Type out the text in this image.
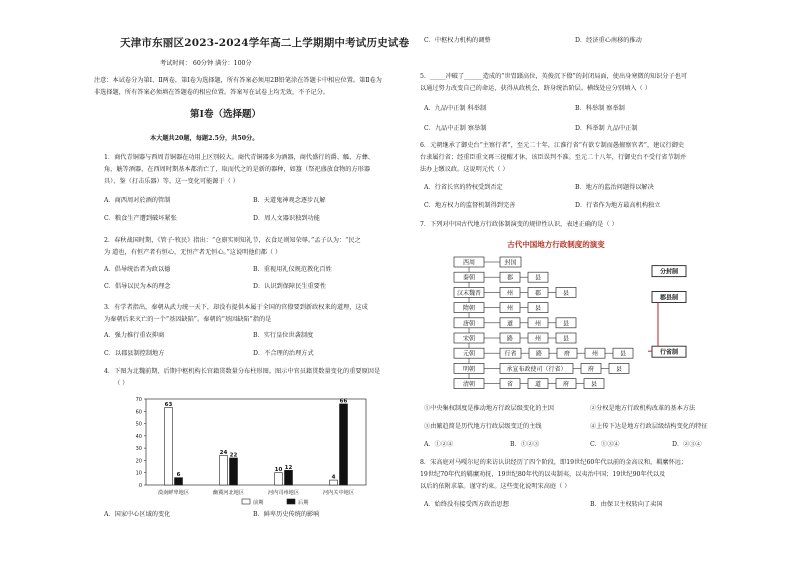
天津市东丽区2023-2024学年高二上学期期中考试历史试卷
考试时间： 60分钟 满分：100分
注意：本试卷分为第Ⅰ、Ⅱ两卷，第Ⅰ卷为选择题，所有答案必须用2B铅笔涂在答题卡中相应位置。第Ⅱ卷为
非选择题，所有答案必须填在答题卷的相应位置。答案写在试卷上均无效，不予记分。
第Ⅰ卷（选择题）
本大题共20题，每题2.5分，共50分。
1．商代青铜器与西周青铜器在功用上区别较大。商代青铜器多为酒器，商代盛行的爵、觚、方彝、
角、觥等酒器，在西周时期基本都消亡了，取而代之的是新的器种，如簋（祭祀盛放食物的方形器
具）、鉴（打击乐器）等。这一变化可能源于（ ）
A．商西周对於酒的管制	B．天道鬼神观念逐步瓦解
C．粮食生产遭到破坏紧张	D．周人文器识独到功能
2．春秋战国时期，《管子·牧民》指出：“仓廪实则知礼节，衣食足则知荣辱。”孟子认为：“民之
为 道也，有恒产者有恒心，无恒产者无恒心。”这说明他们都（ ）
A．倡导统治者为政以德	B．重视用礼仪规范教化百姓
C．倡导以民为本的理念	D．认识到保障民生重要性
3．有学者指出，秦朝从武力统一天下，却没有提供本属于全国的官僚要到新政权来的道理，这成
为秦朝后来灭亡的一个“基因缺陷”。秦朝的“基因缺陷”指的是
A．强力推行重农抑商	B．实行皇位世袭制度
C．以郡县制控制地方	D．不合理的治理方式
4．下图为北魏前期、后期中枢机构长官籍贯数量分布柱形图。图示中官员籍贯数量变化的重要原因是
（ ）
0
10
20
30
40
50
60
70
63
6
漠南鲜卑地区
24 22
幽冀河北地区
10 12
河内司州地区
4
66
河内关中地区
前期	后期
A．国家中心区域的变化	B．鲜卑历史传统的影响
C．中枢权力机构的调整	D．经济重心南移的推动
5．_____冲破了______造成的“世胄蹑高位，英俊沉下僚”的封闭局面，使出身寒微的知识分子也可
以通过努力改变自己的命运，获得从政机会，跻身统治阶层。横线处应分别填入（ ）
A．九品中正制 科举制	B．科举制 察举制
C．九品中正制 察举制	D．科举制 九品中正制
6．元朝继承了御史台“主察行者”，至元二十年，江淮行省“有欲专制而愚擅察官者”，建议行御史
台隶属行省；经重臣重文再三提醒才休，该臣误判不准。至元二十八年，行御史台不受行省节制并
法办上缴议政。这说明元代（ ）
A．行省长官的特权受到否定	B．地方的监治问题得以解决
C．地方权力的监督机制得到完善	D．行省作为地方最高机构独立
7．下列对中国古代地方行政体制演变的规律性认识，表述正确的是（ ）
古代中国地方行政制度的演变
西周	封国
秦朝	郡	县
汉末魏晋	州	郡	县
隋朝	州	县
唐朝	道	州	县
宋朝	路	州	县
元朝	行省	路	府	州	县
明朝	承宣布政使司（行省）	府	县
清朝	省	道	府	县
分封制
郡县制
行省制
①中央集权制度是推动地方行政层级变化的主因	②分权是地方行政机构改革的基本方法
③由繁趋简是历代地方行政层级变迁的主线	④上传下达是地方行政层级结构变化的特征
A．①②④	B．①②③	C．①③④	D．②③④
8．宋高庭对马嘎尔尼的来访认识经历了四个阶段，即19世纪60年代以前的金高议和，羁縻怀远；
19世纪70年代的羁縻劝抚，19世纪80年代的以夷制夷，以夷治中国；19世纪90年代以及
以后的依附求靠。谨守约束。这些变化说明宋高庭（ ）
A．始终没有接受西方政治思想	B．由保卫主权转向了卖国
